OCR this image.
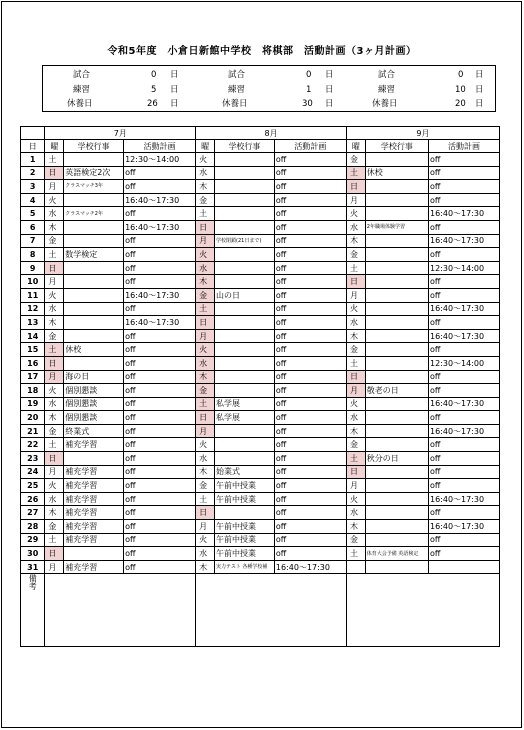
令和5年度　小倉日新館中学校　将棋部　活動計画（3ヶ月計画）
試合	0 日
練習	5 日
休養日	26 日
試合	0 日
練習	1 日
休養日	30 日
試合	0 日
練習	10 日
休養日	20 日
	7月			8月			9月		
日	曜	学校行事	活動計画	曜	学校行事	活動計画	曜	学校行事	活動計画
1	土		12:30～14:00	火		off	金		off
2	日	英語検定2次	off	水		off	土	休校	off
3	月	クラスマッチ3年	off	木		off	日		off
4	火		16:40～17:30	金		off	月		off
5	水	クラスマッチ2年	off	土		off	火		16:40～17:30
6	木		16:40～17:30	日		off	水	2年職場体験学習	off
7	金		off	月	学校閉鎖(21日まで)	off	木		16:40～17:30
8	土	数学検定	off	火		off	金		off
9	日		off	水		off	土		12:30～14:00
10	月		off	木		off	日		off
11	火		16:40～17:30	金	山の日	off	月		off
12	水		off	土		off	火		16:40～17:30
13	木		16:40～17:30	日		off	水		off
14	金		off	月		off	木		16:40～17:30
15	土	休校	off	火		off	金		off
16	日		off	水		off	土		12:30～14:00
17	月	海の日	off	木		off	日		off
18	火	個別懇談	off	金		off	月	敬老の日	off
19	水	個別懇談	off	土	私学展	off	火		16:40～17:30
20	木	個別懇談	off	日	私学展	off	水		off
21	金	終業式	off	月		off	木		16:40～17:30
22	土	補充学習	off	火		off	金		off
23	日		off	水		off	土	秋分の日	off
24	月	補充学習	off	木	始業式	off	日		off
25	火	補充学習	off	金	午前中授業	off	月		off
26	水	補充学習	off	土	午前中授業	off	火		16:40～17:30
27	木	補充学習	off	日		off	水		off
28	金	補充学習	off	月	午前中授業	off	木		16:40～17:30
29	土	補充学習	off	火	午前中授業	off	金		off
30	日		off	水	午前中授業	off	土	体育大会予備 英語検定	off
31	月	補充学習	off	木	実力テスト 各種学校補	16:40～17:30			
備考									
